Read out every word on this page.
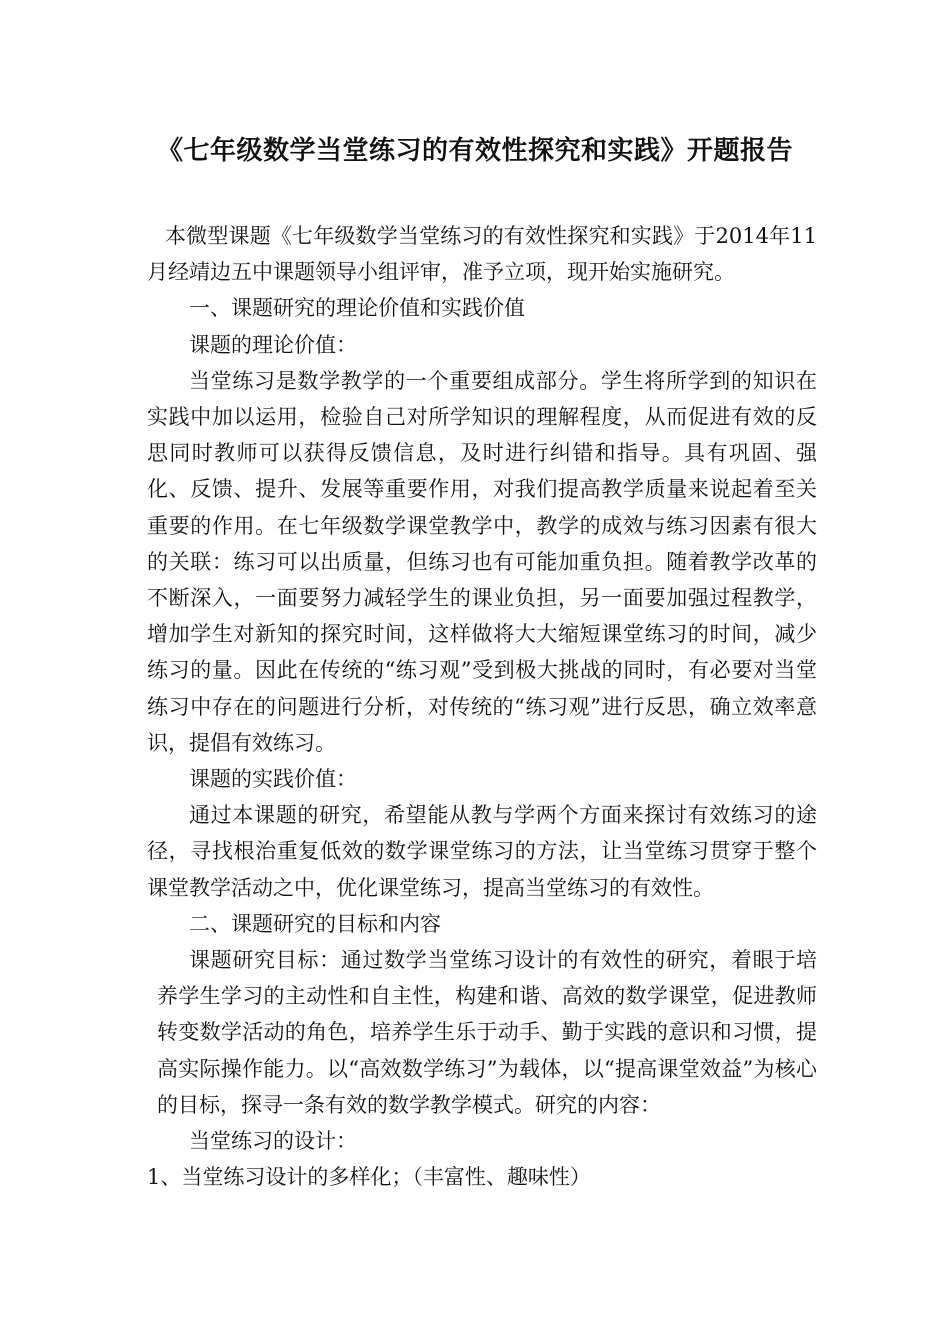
《七年级数学当堂练习的有效性探究和实践》开题报告

本微型课题《七年级数学当堂练习的有效性探究和实践》于2014年11月经靖边五中课题领导小组评审，准予立项，现开始实施研究。

一、课题研究的理论价值和实践价值

课题的理论价值：

当堂练习是数学教学的一个重要组成部分。学生将所学到的知识在实践中加以运用，检验自己对所学知识的理解程度，从而促进有效的反思同时教师可以获得反馈信息，及时进行纠错和指导。具有巩固、强化、反馈、提升、发展等重要作用，对我们提高教学质量来说起着至关重要的作用。在七年级数学课堂教学中，教学的成效与练习因素有很大的关联：练习可以出质量，但练习也有可能加重负担。随着教学改革的不断深入，一面要努力减轻学生的课业负担，另一面要加强过程教学，增加学生对新知的探究时间，这样做将大大缩短课堂练习的时间，减少练习的量。因此在传统的“练习观”受到极大挑战的同时，有必要对当堂练习中存在的问题进行分析，对传统的“练习观”进行反思，确立效率意识，提倡有效练习。

课题的实践价值：

通过本课题的研究，希望能从教与学两个方面来探讨有效练习的途径，寻找根治重复低效的数学课堂练习的方法，让当堂练习贯穿于整个课堂教学活动之中，优化课堂练习，提高当堂练习的有效性。

二、课题研究的目标和内容

课题研究目标：通过数学当堂练习设计的有效性的研究，着眼于培养学生学习的主动性和自主性，构建和谐、高效的数学课堂，促进教师转变数学活动的角色，培养学生乐于动手、勤于实践的意识和习惯，提高实际操作能力。以“高效数学练习”为载体，以“提高课堂效益”为核心的目标，探寻一条有效的数学教学模式。研究的内容：

当堂练习的设计：

1、当堂练习设计的多样化；（丰富性、趣味性）
